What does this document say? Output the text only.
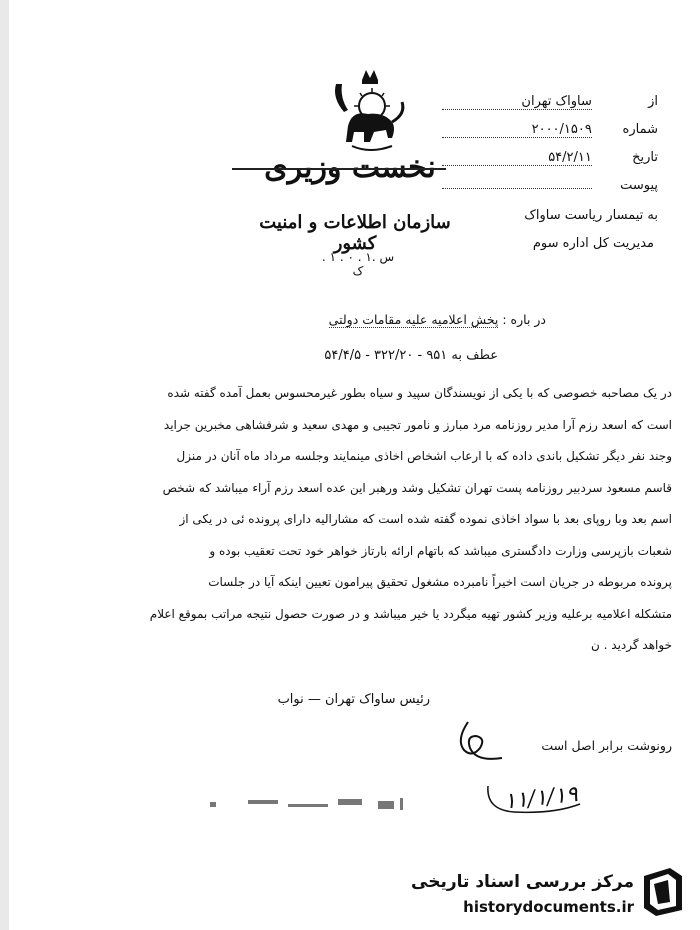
نخست وزیری
سازمان اطلاعات و امنیت کشور
س .۱ . ۰ . ۱ . ک
از ساواک تهران
شماره ۲۰۰۰/۱۵۰۹
تاریخ ۵۴/۲/۱۱
پیوست
به تیمسار ریاست ساواک
مدیریت کل اداره سوم
در باره : پخش اعلامیه علیه مقامات دولتی
عطف به ۹۵۱ - ۳۲۲/۲۰ - ۵۴/۴/۵
در یک مصاحبه خصوصی که با یکی از نویسندگان سپید و سیاه بطور غیرمحسوس بعمل آمده گفته شده
است که اسعد رزم آرا مدیر روزنامه مرد مبارز و نامور تجیبی و مهدی سعید و شرفشاهی مخبرین جراید
وجند نفر دیگر تشکیل باندی داده که با ارعاب اشخاص اخاذی مینمایند وجلسه مرداد ماه آنان در منزل
قاسم مسعود سردبیر روزنامه پست تهران تشکیل وشد ورهبر این عده اسعد رزم آراء میباشد که شخص
اسم بعد وبا روپای بعد با سواد اخاذی نموده گفته شده است که مشارالیه دارای پرونده ئی در یکی از
شعبات بازپرسی وزارت دادگستری میباشد که باتهام ارائه بارتاز خواهر خود تحت تعقیب بوده و
پرونده مربوطه در جریان است اخیراً نامبرده مشغول تحقیق پیرامون تعیین اینکه آیا در جلسات
متشکله اعلامیه برعلیه وزیر کشور تهیه میگردد یا خیر میباشد و در صورت حصول نتیجه مراتب بموقع اعلام
خواهد گردید . ن
رئیس ساواک تهران — نواب
رونوشت برابر اصل است
۱۱/۱/۱۹
مرکز بررسی اسناد تاریخی
historydocuments.ir
